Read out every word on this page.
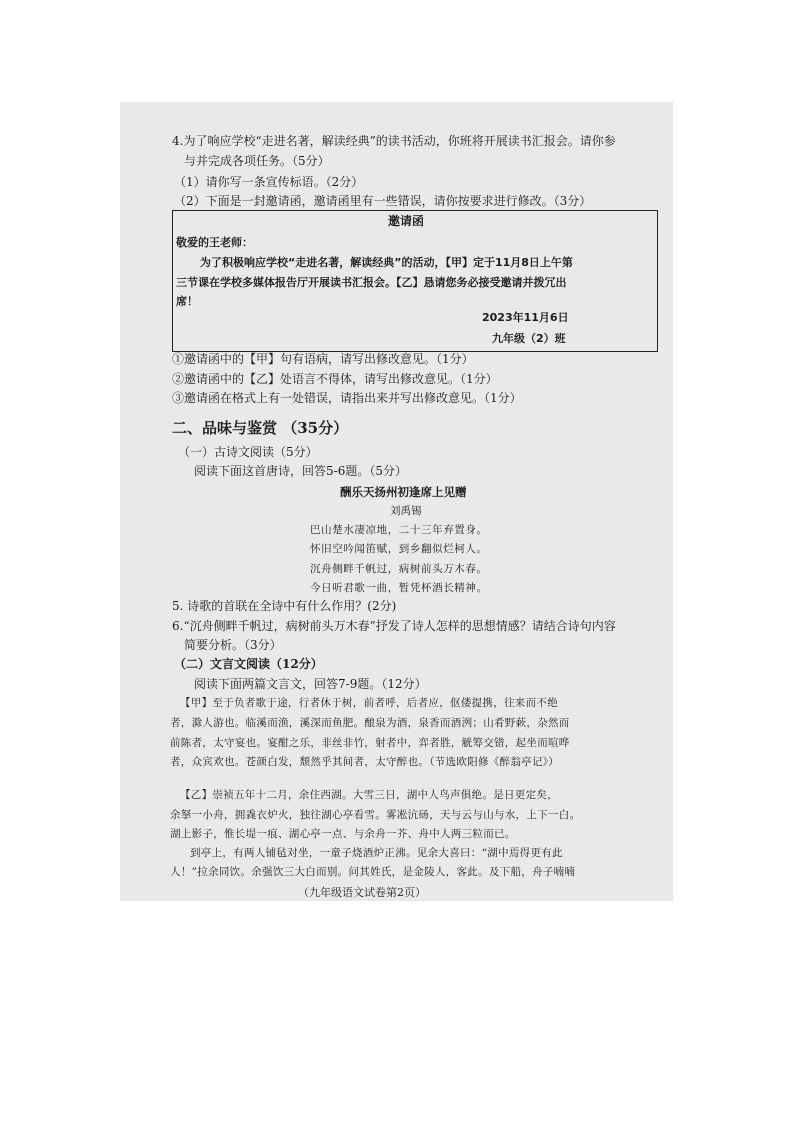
4.为了响应学校“走进名著，解读经典”的读书活动，你班将开展读书汇报会。请你参
与并完成各项任务。（5分）
（1）请你写一条宣传标语。（2分）
（2）下面是一封邀请函，邀请函里有一些错误，请你按要求进行修改。（3分）
邀请函
敬爱的王老师：
为了积极响应学校“走进名著，解读经典”的活动，【甲】定于11月8日上午第
三节课在学校多媒体报告厅开展读书汇报会。【乙】恳请您务必接受邀请并拨冗出
席！
2023年11月6日
九年级（2）班
①邀请函中的【甲】句有语病，请写出修改意见。（1分）
②邀请函中的【乙】处语言不得体，请写出修改意见。（1分）
③邀请函在格式上有一处错误，请指出来并写出修改意见。（1分）
二、品味与鉴赏 （35分）
（一）古诗文阅读（5分）
阅读下面这首唐诗，回答5-6题。（5分）
酬乐天扬州初逢席上见赠
刘禹锡
巴山楚水凄凉地，二十三年弃置身。
怀旧空吟闻笛赋，到乡翻似烂柯人。
沉舟侧畔千帆过，病树前头万木春。
今日听君歌一曲，暂凭杯酒长精神。
5. 诗歌的首联在全诗中有什么作用？(2分)
6.“沉舟侧畔千帆过，病树前头万木春”抒发了诗人怎样的思想情感？请结合诗句内容
简要分析。（3分）
（二）文言文阅读（12分）
阅读下面两篇文言文，回答7-9题。（12分）
【甲】至于负者歌于途，行者休于树，前者呼，后者应，伛偻提携，往来而不绝
者，滁人游也。临溪而渔，溪深而鱼肥。酿泉为酒，泉香而酒洌；山肴野蔌，杂然而
前陈者，太守宴也。宴酣之乐，非丝非竹，射者中，弈者胜，觥筹交错，起坐而喧哗
者，众宾欢也。苍颜白发，颓然乎其间者，太守醉也。（节选欧阳修《醉翁亭记》）
【乙】崇祯五年十二月，余住西湖。大雪三日，湖中人鸟声俱绝。是日更定矣，
余拏一小舟，拥毳衣炉火，独往湖心亭看雪。雾凇沆砀，天与云与山与水，上下一白。
湖上影子，惟长堤一痕、湖心亭一点、与余舟一芥、舟中人两三粒而已。
到亭上，有两人铺毡对坐，一童子烧酒炉正沸。见余大喜曰：“湖中焉得更有此
人！”拉余同饮。余强饮三大白而别。问其姓氏，是金陵人，客此。及下船，舟子喃喃
（九年级语文试卷第2页）
